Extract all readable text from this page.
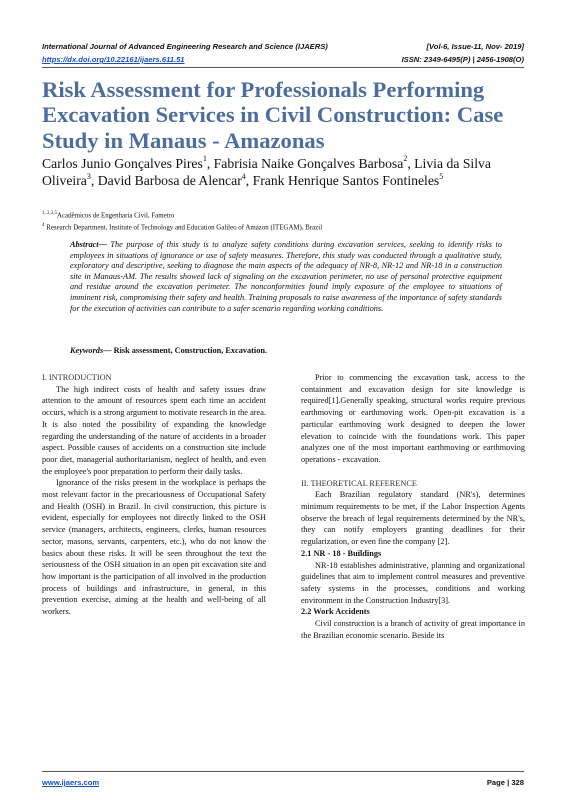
International Journal of Advanced Engineering Research and Science (IJAERS)	[Vol-6, Issue-11, Nov- 2019]
https://dx.doi.org/10.22161/ijaers.611.51	ISSN: 2349-6495(P) | 2456-1908(O)
Risk Assessment for Professionals Performing Excavation Services in Civil Construction: Case Study in Manaus - Amazonas

Carlos Junio Gonçalves Pires$^1$, Fabrisia Naike Gonçalves Barbosa$^2$, Livia da Silva Oliveira$^3$, David Barbosa de Alencar$^4$, Frank Henrique Santos Fontineles$^5$

$^{1, 2,3,5}$Acadêmicos de Engenharia Civil, Fametro

$^4$ Research Department, Institute of Technology and Education Galileo of Amazon (ITEGAM), Brazil

Abstract— The purpose of this study is to analyze safety conditions during excavation services, seeking to identify risks to employees in situations of ignorance or use of safety measures. Therefore, this study was conducted through a qualitative study, exploratory and descriptive, seeking to diagnose the main aspects of the adequacy of NR-8, NR-12 and NR-18 in a construction site in Manaus-AM. The results showed lack of signaling on the excavation perimeter, no use of personal protective equipment and residue around the excavation perimeter. The nonconformities found imply exposure of the employee to situations of imminent risk, compromising their safety and health. Training proposals to raise awareness of the importance of safety standards for the execution of activities can contribute to a safer scenario regarding working conditions.

Keywords— Risk assessment, Construction, Excavation.

I. INTRODUCTION

The high indirect costs of health and safety issues draw attention to the amount of resources spent each time an accident occurs, which is a strong argument to motivate research in the area. It is also noted the possibility of expanding the knowledge regarding the understanding of the nature of accidents in a broader aspect. Possible causes of accidents on a construction site include poor diet, managerial authoritarianism, neglect of health, and even the employee's poor preparation to perform their daily tasks.

Ignorance of the risks present in the workplace is perhaps the most relevant factor in the precariousness of Occupational Safety and Health (OSH) in Brazil. In civil construction, this picture is evident, especially for employees not directly linked to the OSH service (managers, architects, engineers, clerks, human resources sector, masons, servants, carpenters, etc.), who do not know the basics about these risks. It will be seen throughout the text the seriousness of the OSH situation in an open pit excavation site and how important is the participation of all involved in the production process of buildings and infrastructure, in general, in this prevention exercise, aiming at the health and well-being of all workers.

Prior to commencing the excavation task, access to the containment and excavation design for site knowledge is required[1].Generally speaking, structural works require previous earthmoving or earthmoving work. Open-pit excavation is a particular earthmoving work designed to deepen the lower elevation to coincide with the foundations work. This paper analyzes one of the most important earthmoving or earthmoving operations - excavation.

II. THEORETICAL REFERENCE

Each Brazilian regulatory standard (NR's), determines minimum requirements to be met, if the Labor Inspection Agents observe the breach of legal requirements determined by the NR's, they can notify employers granting deadlines for their regularization, or even fine the company [2].

2.1 NR - 18 - Buildings

NR-18 establishes administrative, planning and organizational guidelines that aim to implement control measures and preventive safety systems in the processes, conditions and working environment in the Construction Industry[3].

2.2 Work Accidents

Civil construction is a branch of activity of great importance in the Brazilian economic scenario. Beside its

www.ijaers.com	Page | 328
